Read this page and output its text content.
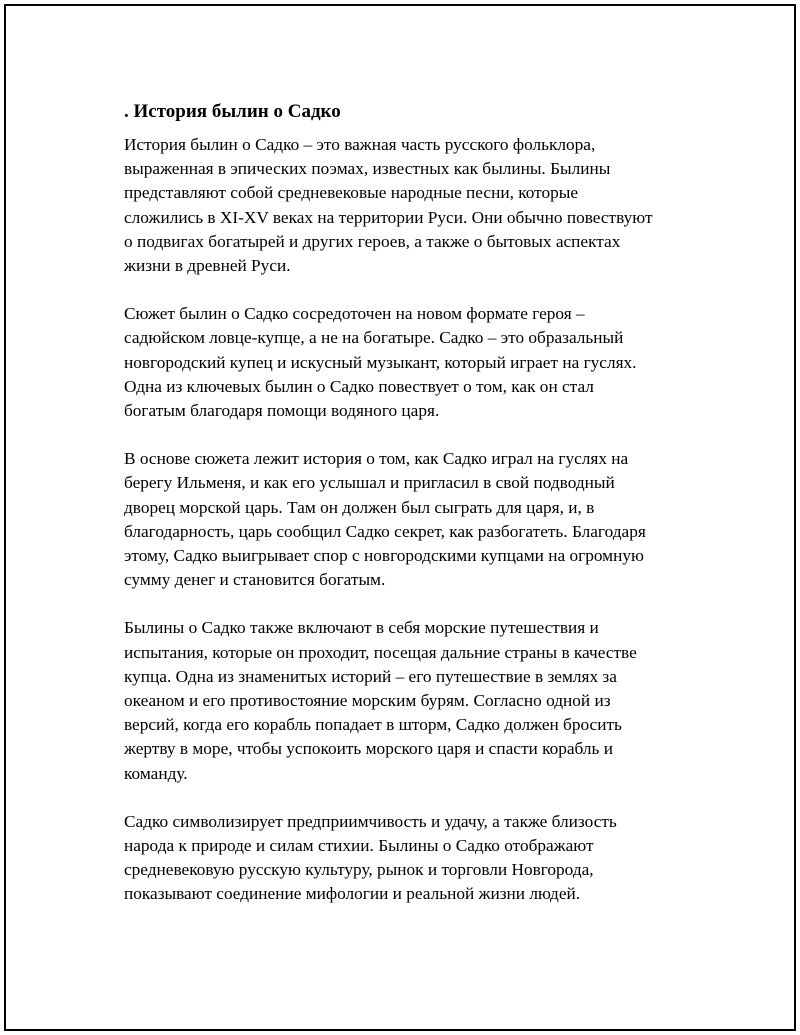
. История былин о Садко
История былин о Садко – это важная часть русского фольклора,
выраженная в эпических поэмах, известных как былины. Былины
представляют собой средневековые народные песни, которые
сложились в XI-XV веках на территории Руси. Они обычно повествуют
о подвигах богатырей и других героев, а также о бытовых аспектах
жизни в древней Руси.
Сюжет былин о Садко сосредоточен на новом формате героя –
садюйском ловце-купце, а не на богатыре. Садко – это образальный
новгородский купец и искусный музыкант, который играет на гуслях.
Одна из ключевых былин о Садко повествует о том, как он стал
богатым благодаря помощи водяного царя.
В основе сюжета лежит история о том, как Садко играл на гуслях на
берегу Ильменя, и как его услышал и пригласил в свой подводный
дворец морской царь. Там он должен был сыграть для царя, и, в
благодарность, царь сообщил Садко секрет, как разбогатеть. Благодаря
этому, Садко выигрывает спор с новгородскими купцами на огромную
сумму денег и становится богатым.
Былины о Садко также включают в себя морские путешествия и
испытания, которые он проходит, посещая дальние страны в качестве
купца. Одна из знаменитых историй – его путешествие в землях за
океаном и его противостояние морским бурям. Согласно одной из
версий, когда его корабль попадает в шторм, Садко должен бросить
жертву в море, чтобы успокоить морского царя и спасти корабль и
команду.
Садко символизирует предприимчивость и удачу, а также близость
народа к природе и силам стихии. Былины о Садко отображают
средневековую русскую культуру, рынок и торговли Новгорода,
показывают соединение мифологии и реальной жизни людей.
